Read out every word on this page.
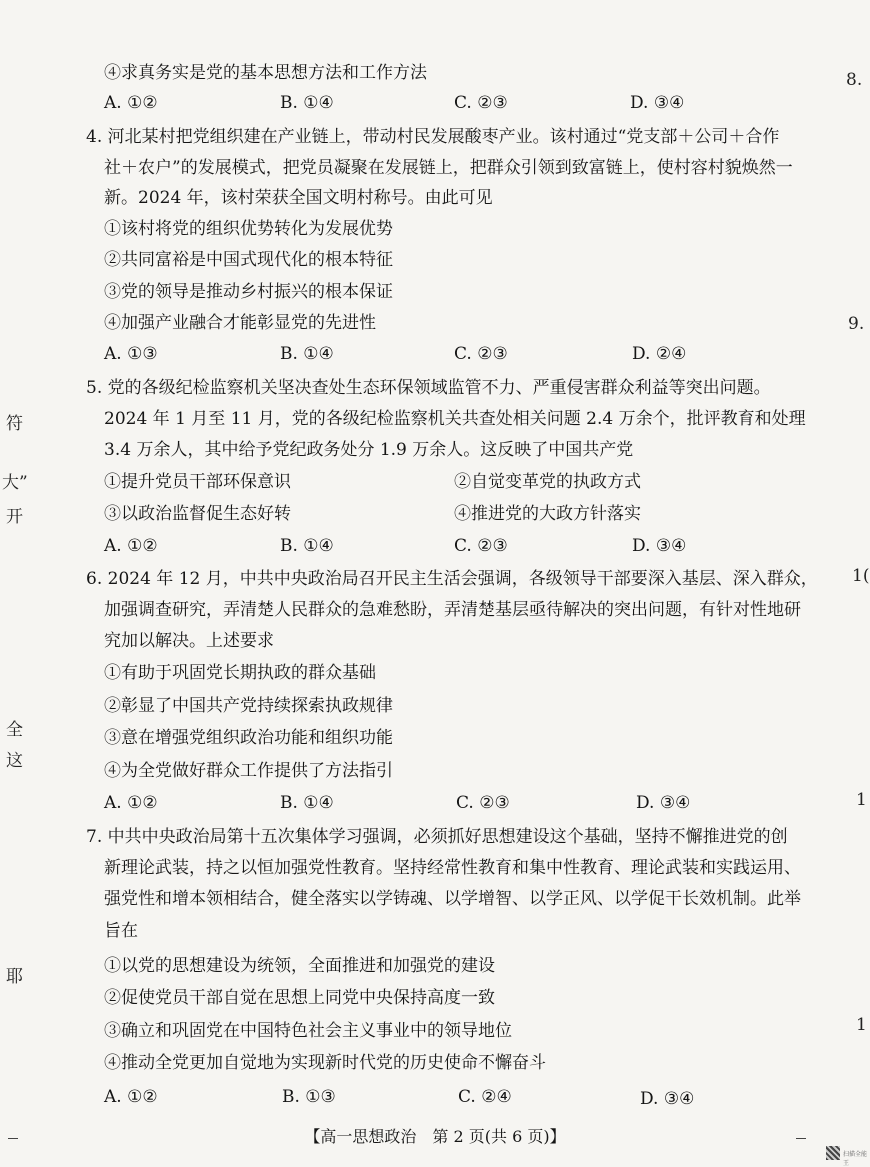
④求真务实是党的基本思想方法和工作方法
A. ①②	B. ①④	C. ②③	D. ③④
4. 河北某村把党组织建在产业链上，带动村民发展酸枣产业。该村通过“党支部＋公司＋合作
社＋农户”的发展模式，把党员凝聚在发展链上，把群众引领到致富链上，使村容村貌焕然一
新。2024 年，该村荣获全国文明村称号。由此可见
①该村将党的组织优势转化为发展优势
②共同富裕是中国式现代化的根本特征
③党的领导是推动乡村振兴的根本保证
④加强产业融合才能彰显党的先进性
A. ①③	B. ①④	C. ②③	D. ②④
5. 党的各级纪检监察机关坚决查处生态环保领域监管不力、严重侵害群众利益等突出问题。
2024 年 1 月至 11 月，党的各级纪检监察机关共查处相关问题 2.4 万余个，批评教育和处理
3.4 万余人，其中给予党纪政务处分 1.9 万余人。这反映了中国共产党
①提升党员干部环保意识	②自觉变革党的执政方式
③以政治监督促生态好转	④推进党的大政方针落实
A. ①②	B. ①④	C. ②③	D. ③④
6. 2024 年 12 月，中共中央政治局召开民主生活会强调，各级领导干部要深入基层、深入群众，
加强调查研究，弄清楚人民群众的急难愁盼，弄清楚基层亟待解决的突出问题，有针对性地研
究加以解决。上述要求
①有助于巩固党长期执政的群众基础
②彰显了中国共产党持续探索执政规律
③意在增强党组织政治功能和组织功能
④为全党做好群众工作提供了方法指引
A. ①②	B. ①④	C. ②③	D. ③④
7. 中共中央政治局第十五次集体学习强调，必须抓好思想建设这个基础，坚持不懈推进党的创
新理论武装，持之以恒加强党性教育。坚持经常性教育和集中性教育、理论武装和实践运用、
强党性和增本领相结合，健全落实以学铸魂、以学增智、以学正风、以学促干长效机制。此举
旨在
①以党的思想建设为统领，全面推进和加强党的建设
②促使党员干部自觉在思想上同党中央保持高度一致
③确立和巩固党在中国特色社会主义事业中的领导地位
④推动全党更加自觉地为实现新时代党的历史使命不懈奋斗
A. ①②	B. ①③	C. ②④	D. ③④
符
大”
开
全
这
耶
8.
9.
1(
1
1
【高一思想政治　第 2 页(共 6 页)】
扫描全能王
